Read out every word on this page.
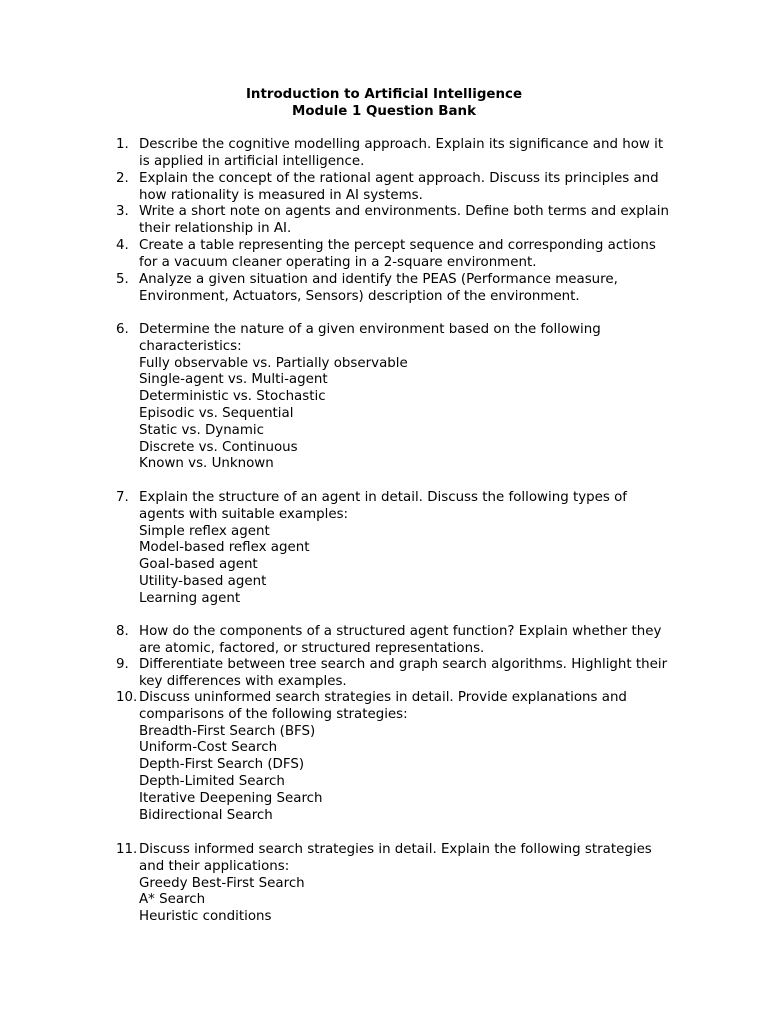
Introduction to Artificial Intelligence
Module 1 Question Bank
1. Describe the cognitive modelling approach. Explain its significance and how it is applied in artificial intelligence.
2. Explain the concept of the rational agent approach. Discuss its principles and how rationality is measured in AI systems.
3. Write a short note on agents and environments. Define both terms and explain their relationship in AI.
4. Create a table representing the percept sequence and corresponding actions for a vacuum cleaner operating in a 2-square environment.
5. Analyze a given situation and identify the PEAS (Performance measure, Environment, Actuators, Sensors) description of the environment.
6. Determine the nature of a given environment based on the following characteristics:
Fully observable vs. Partially observable
Single-agent vs. Multi-agent
Deterministic vs. Stochastic
Episodic vs. Sequential
Static vs. Dynamic
Discrete vs. Continuous
Known vs. Unknown
7. Explain the structure of an agent in detail. Discuss the following types of agents with suitable examples:
Simple reflex agent
Model-based reflex agent
Goal-based agent
Utility-based agent
Learning agent
8. How do the components of a structured agent function? Explain whether they are atomic, factored, or structured representations.
9. Differentiate between tree search and graph search algorithms. Highlight their key differences with examples.
10. Discuss uninformed search strategies in detail. Provide explanations and comparisons of the following strategies:
Breadth-First Search (BFS)
Uniform-Cost Search
Depth-First Search (DFS)
Depth-Limited Search
Iterative Deepening Search
Bidirectional Search
11. Discuss informed search strategies in detail. Explain the following strategies and their applications:
Greedy Best-First Search
A* Search
Heuristic conditions
